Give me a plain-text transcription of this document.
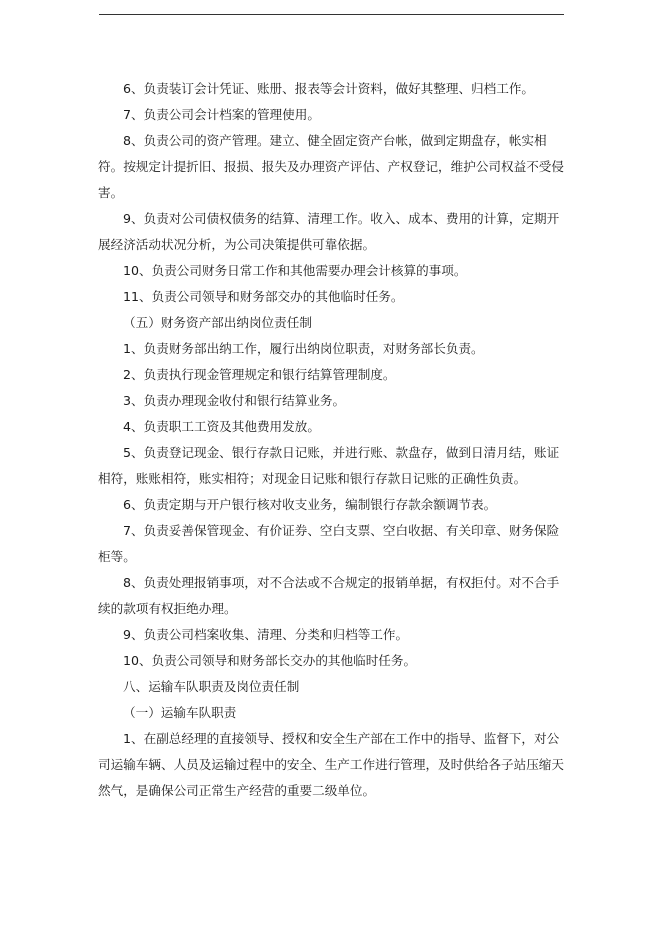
6、负责装订会计凭证、账册、报表等会计资料，做好其整理、归档工作。

7、负责公司会计档案的管理使用。

8、负责公司的资产管理。建立、健全固定资产台帐，做到定期盘存，帐实相符。按规定计提折旧、报损、报失及办理资产评估、产权登记，维护公司权益不受侵害。

9、负责对公司债权债务的结算、清理工作。收入、成本、费用的计算，定期开展经济活动状况分析，为公司决策提供可靠依据。

10、负责公司财务日常工作和其他需要办理会计核算的事项。

11、负责公司领导和财务部交办的其他临时任务。

（五）财务资产部出纳岗位责任制

1、负责财务部出纳工作，履行出纳岗位职责，对财务部长负责。

2、负责执行现金管理规定和银行结算管理制度。

3、负责办理现金收付和银行结算业务。

4、负责职工工资及其他费用发放。

5、负责登记现金、银行存款日记账，并进行账、款盘存，做到日清月结，账证相符，账账相符，账实相符；对现金日记账和银行存款日记账的正确性负责。

6、负责定期与开户银行核对收支业务，编制银行存款余额调节表。

7、负责妥善保管现金、有价证券、空白支票、空白收据、有关印章、财务保险柜等。

8、负责处理报销事项，对不合法或不合规定的报销单据，有权拒付。对不合手续的款项有权拒绝办理。

9、负责公司档案收集、清理、分类和归档等工作。

10、负责公司领导和财务部长交办的其他临时任务。

八、运输车队职责及岗位责任制

（一）运输车队职责

1、在副总经理的直接领导、授权和安全生产部在工作中的指导、监督下，对公司运输车辆、人员及运输过程中的安全、生产工作进行管理，及时供给各子站压缩天然气，是确保公司正常生产经营的重要二级单位。
